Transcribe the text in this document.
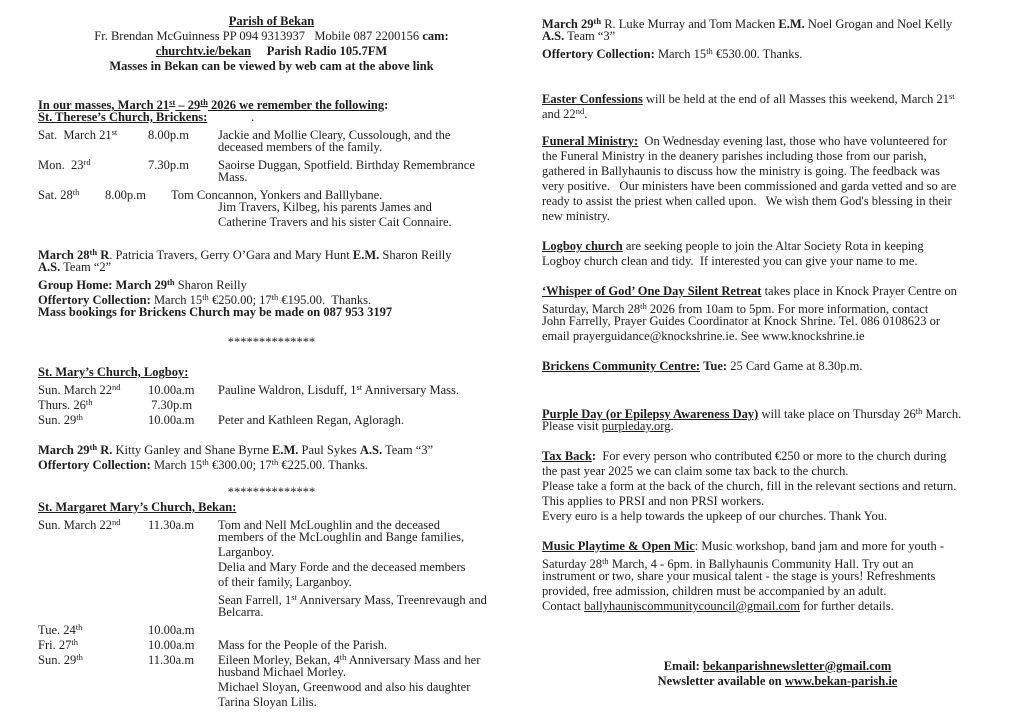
Parish of Bekan
Fr. Brendan McGuinness PP 094 9313937   Mobile 087 2200156 cam:
churchtv.ie/bekan     Parish Radio 105.7FM
Masses in Bekan can be viewed by web cam at the above link

In our masses, March 21st – 29th 2026 we remember the following:
St. Therese’s Church, Brickens:              .
Sat.  March 21st	8.00p.m	Jackie and Mollie Cleary, Cussolough, and the
deceased members of the family.
Mon.  23rd	7.30p.m	Saoirse Duggan, Spotfield. Birthday Remembrance
Mass.
Sat. 28th	8.00p.m	Tom Concannon, Yonkers and Balllybane.
Jim Travers, Kilbeg, his parents James and
Catherine Travers and his sister Cait Connaire.

March 28th R. Patricia Travers, Gerry O’Gara and Mary Hunt E.M. Sharon Reilly
A.S. Team “2”
Group Home: March 29th Sharon Reilly
Offertory Collection: March 15th €250.00; 17th €195.00.  Thanks.
Mass bookings for Brickens Church may be made on 087 953 3197

**************

St. Mary’s Church, Logboy:
Sun. March 22nd	10.00a.m	Pauline Waldron, Lisduff, 1st Anniversary Mass.
Thurs. 26th	7.30p.m
Sun. 29th	10.00a.m	Peter and Kathleen Regan, Agloragh.

March 29th R. Kitty Ganley and Shane Byrne E.M. Paul Sykes A.S. Team “3”
Offertory Collection: March 15th €300.00; 17th €225.00. Thanks.

**************
St. Margaret Mary’s Church, Bekan:
Sun. March 22nd	11.30a.m	Tom and Nell McLoughlin and the deceased
members of the McLoughlin and Bange families,
Larganboy.
Delia and Mary Forde and the deceased members
of their family, Larganboy.
Sean Farrell, 1st Anniversary Mass, Treenrevaugh and
Belcarra.
Tue. 24th	10.00a.m
Fri. 27th	10.00a.m	Mass for the People of the Parish.
Sun. 29th	11.30a.m	Eileen Morley, Bekan, 4th Anniversary Mass and her
husband Michael Morley.
Michael Sloyan, Greenwood and also his daughter
Tarina Sloyan Lilis.
March 29th R. Luke Murray and Tom Macken E.M. Noel Grogan and Noel Kelly
A.S. Team “3”
Offertory Collection: March 15th €530.00. Thanks.

Easter Confessions will be held at the end of all Masses this weekend, March 21st
and 22nd.

Funeral Ministry:  On Wednesday evening last, those who have volunteered for
the Funeral Ministry in the deanery parishes including those from our parish,
gathered in Ballyhaunis to discuss how the ministry is going. The feedback was
very positive.   Our ministers have been commissioned and garda vetted and so are
ready to assist the priest when called upon.   We wish them God's blessing in their
new ministry.

Logboy church are seeking people to join the Altar Society Rota in keeping
Logboy church clean and tidy.  If interested you can give your name to me.

‘Whisper of God’ One Day Silent Retreat takes place in Knock Prayer Centre on
Saturday, March 28th 2026 from 10am to 5pm. For more information, contact
John Farrelly, Prayer Guides Coordinator at Knock Shrine. Tel. 086 0108623 or
email prayerguidance@knockshrine.ie. See www.knockshrine.ie

Brickens Community Centre: Tue: 25 Card Game at 8.30p.m.

Purple Day (or Epilepsy Awareness Day) will take place on Thursday 26th March.
Please visit purpleday.org.

Tax Back:  For every person who contributed €250 or more to the church during
the past year 2025 we can claim some tax back to the church.
Please take a form at the back of the church, fill in the relevant sections and return.
This applies to PRSI and non PRSI workers.
Every euro is a help towards the upkeep of our churches. Thank You.

Music Playtime & Open Mic: Music workshop, band jam and more for youth -
Saturday 28th March, 4 - 6pm. in Ballyhaunis Community Hall. Try out an
instrument or two, share your musical talent - the stage is yours! Refreshments
provided, free admission, children must be accompanied by an adult.
Contact ballyhauniscommunitycouncil@gmail.com for further details.

Email: bekanparishnewsletter@gmail.com
Newsletter available on www.bekan-parish.ie
